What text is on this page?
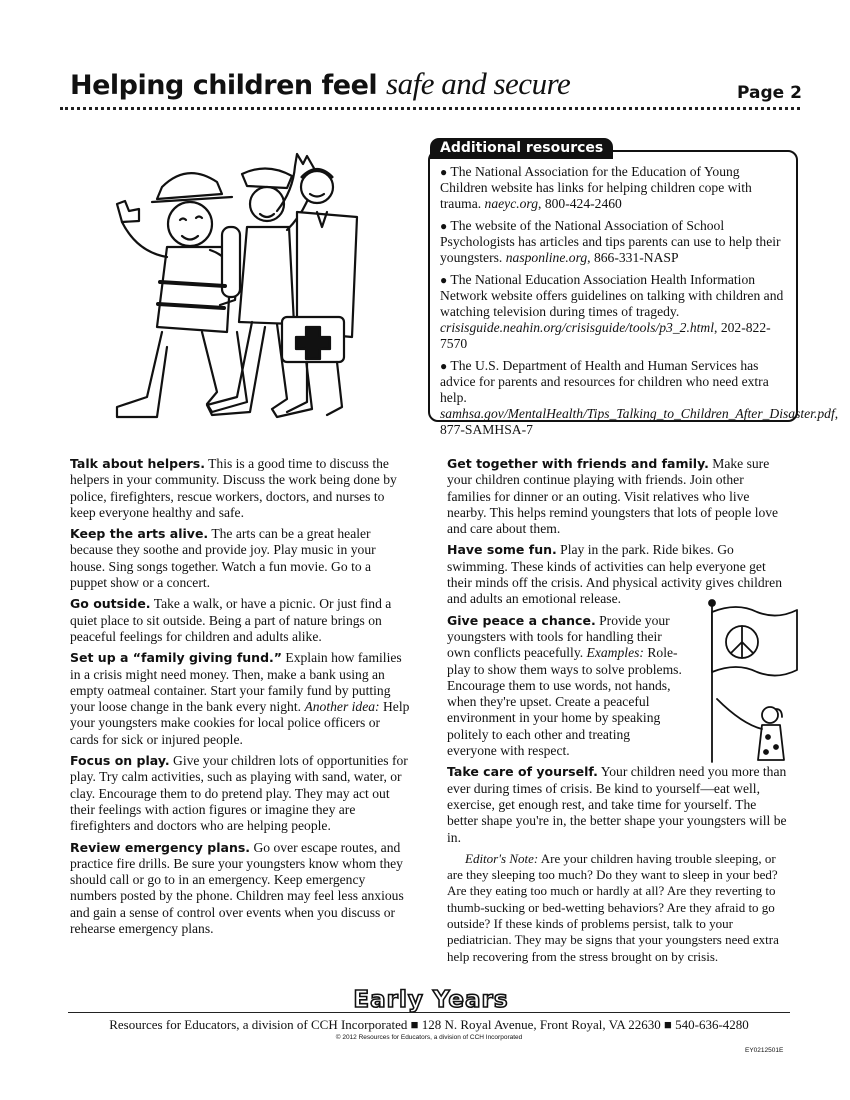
Helping children feel safe and secure	Page 2
● The National Association for the Education of Young Children website has links for helping children cope with trauma. naeyc.org, 800-424-2460
● The website of the National Association of School Psychologists has articles and tips parents can use to help their youngsters. nasponline.org, 866-331-NASP
● The National Education Association Health Information Network website offers guidelines on talking with children and watching television during times of tragedy. crisisguide.neahin.org/crisisguide/tools/p3_2.html, 202-822-7570
● The U.S. Department of Health and Human Services has advice for parents and resources for children who need extra help. samhsa.gov/MentalHealth/Tips_Talking_to_Children_After_Disaster.pdf, 877-SAMHSA-7
Additional resources

Talk about helpers. This is a good time to discuss the helpers in your community. Discuss the work being done by police, firefighters, rescue workers, doctors, and nurses to keep everyone healthy and safe.

Keep the arts alive. The arts can be a great healer because they soothe and provide joy. Play music in your house. Sing songs together. Watch a fun movie. Go to a puppet show or a concert.

Go outside. Take a walk, or have a picnic. Or just find a quiet place to sit outside. Being a part of nature brings on peaceful feelings for children and adults alike.

Set up a “family giving fund.” Explain how families in a crisis might need money. Then, make a bank using an empty oatmeal container. Start your family fund by putting your loose change in the bank every night. Another idea: Help your youngsters make cookies for local police officers or cards for sick or injured people.

Focus on play. Give your children lots of opportunities for play. Try calm activities, such as playing with sand, water, or clay. Encourage them to do pretend play. They may act out their feelings with action figures or imagine they are firefighters and doctors who are helping people.

Review emergency plans. Go over escape routes, and practice fire drills. Be sure your youngsters know whom they should call or go to in an emergency. Keep emergency numbers posted by the phone. Children may feel less anxious and gain a sense of control over events when you discuss or rehearse emergency plans.

Get together with friends and family. Make sure your children continue playing with friends. Join other families for dinner or an outing. Visit relatives who live nearby. This helps remind youngsters that lots of people love and care about them.

Have some fun. Play in the park. Ride bikes. Go swimming. These kinds of activities can help everyone get their minds off the crisis. And physical activity gives children and adults an emotional release.

Give peace a chance. Provide your youngsters with tools for handling their own conflicts peacefully. Examples: Role-play to show them ways to solve problems. Encourage them to use words, not hands, when they're upset. Create a peaceful environment in your home by speaking politely to each other and treating everyone with respect.

Take care of yourself. Your children need you more than ever during times of crisis. Be kind to yourself—eat well, exercise, get enough rest, and take time for yourself. The better shape you're in, the better shape your youngsters will be in.

Editor's Note: Are your children having trouble sleeping, or are they sleeping too much? Do they want to sleep in your bed? Are they eating too much or hardly at all? Are they reverting to thumb-sucking or bed-wetting behaviors? Are they afraid to go outside? If these kinds of problems persist, talk to your pediatrician. They may be signs that your youngsters need extra help recovering from the stress brought on by crisis.

Early Years
Resources for Educators, a division of CCH Incorporated ■ 128 N. Royal Avenue, Front Royal, VA 22630 ■ 540-636-4280
© 2012 Resources for Educators, a division of CCH Incorporated
EY0212501E
